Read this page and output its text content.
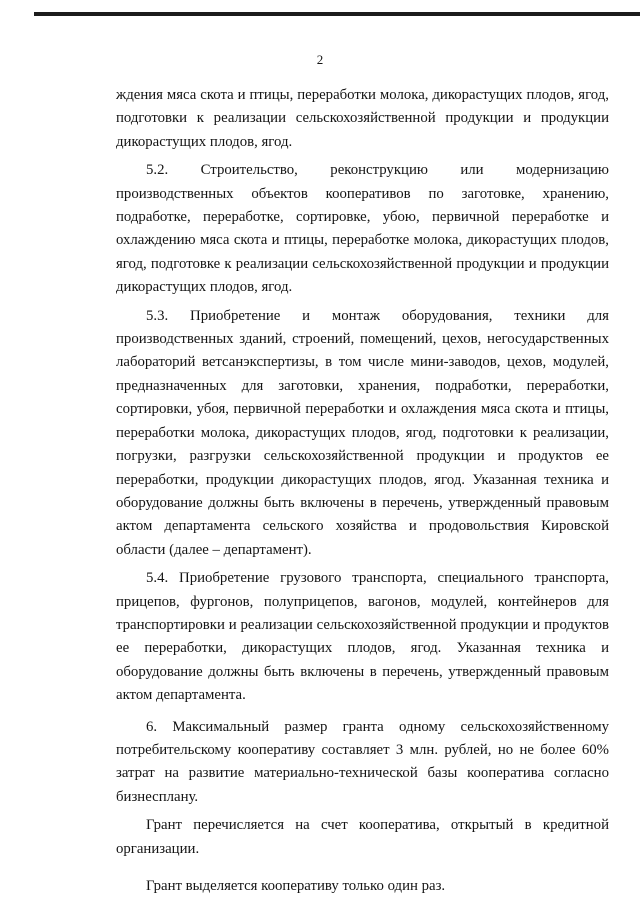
2

ждения мяса скота и птицы, переработки молока, дикорастущих плодов, ягод, подготовки к реализации сельскохозяйственной продукции и продукции дикорастущих плодов, ягод.

5.2. Строительство, реконструкцию или модернизацию производственных объектов кооперативов по заготовке, хранению, подработке, переработке, сортировке, убою, первичной переработке и охлаждению мяса скота и птицы, переработке молока, дикорастущих плодов, ягод, подготовке к реализации сельскохозяйственной продукции и продукции дикорастущих плодов, ягод.

5.3. Приобретение и монтаж оборудования, техники для производственных зданий, строений, помещений, цехов, негосударственных лабораторий ветсанэкспертизы, в том числе мини-заводов, цехов, модулей, предназначенных для заготовки, хранения, подработки, переработки, сортировки, убоя, первичной переработки и охлаждения мяса скота и птицы, переработки молока, дикорастущих плодов, ягод, подготовки к реализации, погрузки, разгрузки сельскохозяйственной продукции и продуктов ее переработки, продукции дикорастущих плодов, ягод. Указанная техника и оборудование должны быть включены в перечень, утвержденный правовым актом департамента сельского хозяйства и продовольствия Кировской области (далее – департамент).

5.4. Приобретение грузового транспорта, специального транспорта, прицепов, фургонов, полуприцепов, вагонов, модулей, контейнеров для транспортировки и реализации сельскохозяйственной продукции и продуктов ее переработки, дикорастущих плодов, ягод. Указанная техника и оборудование должны быть включены в перечень, утвержденный правовым актом департамента.

6. Максимальный размер гранта одному сельскохозяйственному потребительскому кооперативу составляет 3 млн. рублей, но не более 60% затрат на развитие материально-технической базы кооператива согласно бизнесплану.

Грант перечисляется на счет кооператива, открытый в кредитной организации.

Грант выделяется кооперативу только один раз.
